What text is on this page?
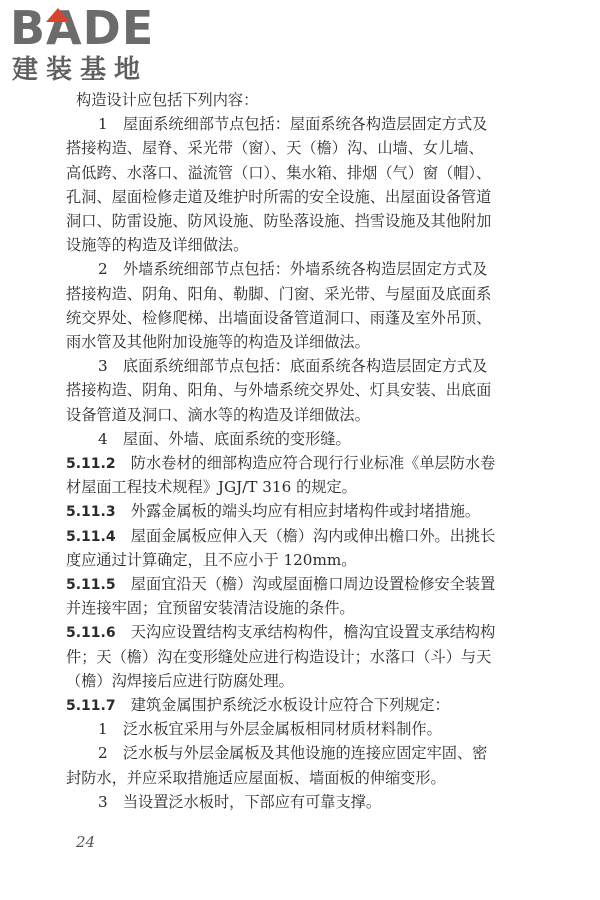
BADE
建装基地
构造设计应包括下列内容：
1　屋面系统细部节点包括：屋面系统各构造层固定方式及
搭接构造、屋脊、采光带（窗）、天（檐）沟、山墙、女儿墙、
高低跨、水落口、溢流管（口）、集水箱、排烟（气）窗（帽）、
孔洞、屋面检修走道及维护时所需的安全设施、出屋面设备管道
洞口、防雷设施、防风设施、防坠落设施、挡雪设施及其他附加
设施等的构造及详细做法。
2　外墙系统细部节点包括：外墙系统各构造层固定方式及
搭接构造、阴角、阳角、勒脚、门窗、采光带、与屋面及底面系
统交界处、检修爬梯、出墙面设备管道洞口、雨蓬及室外吊顶、
雨水管及其他附加设施等的构造及详细做法。
3　底面系统细部节点包括：底面系统各构造层固定方式及
搭接构造、阴角、阳角、与外墙系统交界处、灯具安装、出底面
设备管道及洞口、滴水等的构造及详细做法。
4　屋面、外墙、底面系统的变形缝。
5.11.2　 防水卷材的细部构造应符合现行行业标准《单层防水卷
材屋面工程技术规程》JGJ/T 316 的规定。
5.11.3　 外露金属板的端头均应有相应封堵构件或封堵措施。
5.11.4　 屋面金属板应伸入天（檐）沟内或伸出檐口外。出挑长
度应通过计算确定，且不应小于 120mm。
5.11.5　 屋面宜沿天（檐）沟或屋面檐口周边设置检修安全装置
并连接牢固；宜预留安装清洁设施的条件。
5.11.6　 天沟应设置结构支承结构构件，檐沟宜设置支承结构构
件；天（檐）沟在变形缝处应进行构造设计；水落口（斗）与天
（檐）沟焊接后应进行防腐处理。
5.11.7　 建筑金属围护系统泛水板设计应符合下列规定：
1　泛水板宜采用与外层金属板相同材质材料制作。
2　泛水板与外层金属板及其他设施的连接应固定牢固、密
封防水，并应采取措施适应屋面板、墙面板的伸缩变形。
3　当设置泛水板时，下部应有可靠支撑。
24
